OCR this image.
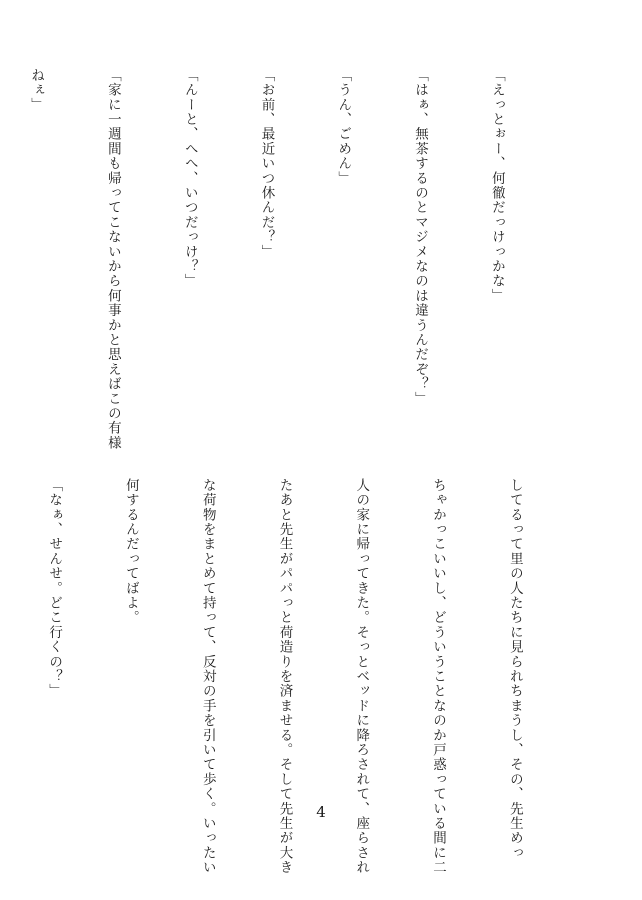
「えっとぉー、何徹だっけっかな」

「はぁ、無茶するのとマジメなのは違うんだぞ？」

「うん、ごめん」

「お前、最近いつ休んだ？」

「んーと、へへ、いつだっけ？」

「家に一週間も帰ってこないから何事かと思えばこの有様

ねぇ」

してるって里の人たちに見られちまうし、その、先生めっ

ちゃかっこいいし、どういうことなのか戸惑っている間に二

人の家に帰ってきた。そっとベッドに降ろされて、座らされ

たあと先生がパパっと荷造りを済ませる。そして先生が大き

な荷物をまとめて持って、反対の手を引いて歩く。いったい

何するんだってばよ。

「なぁ、せんせ。どこ行くの？」

4
